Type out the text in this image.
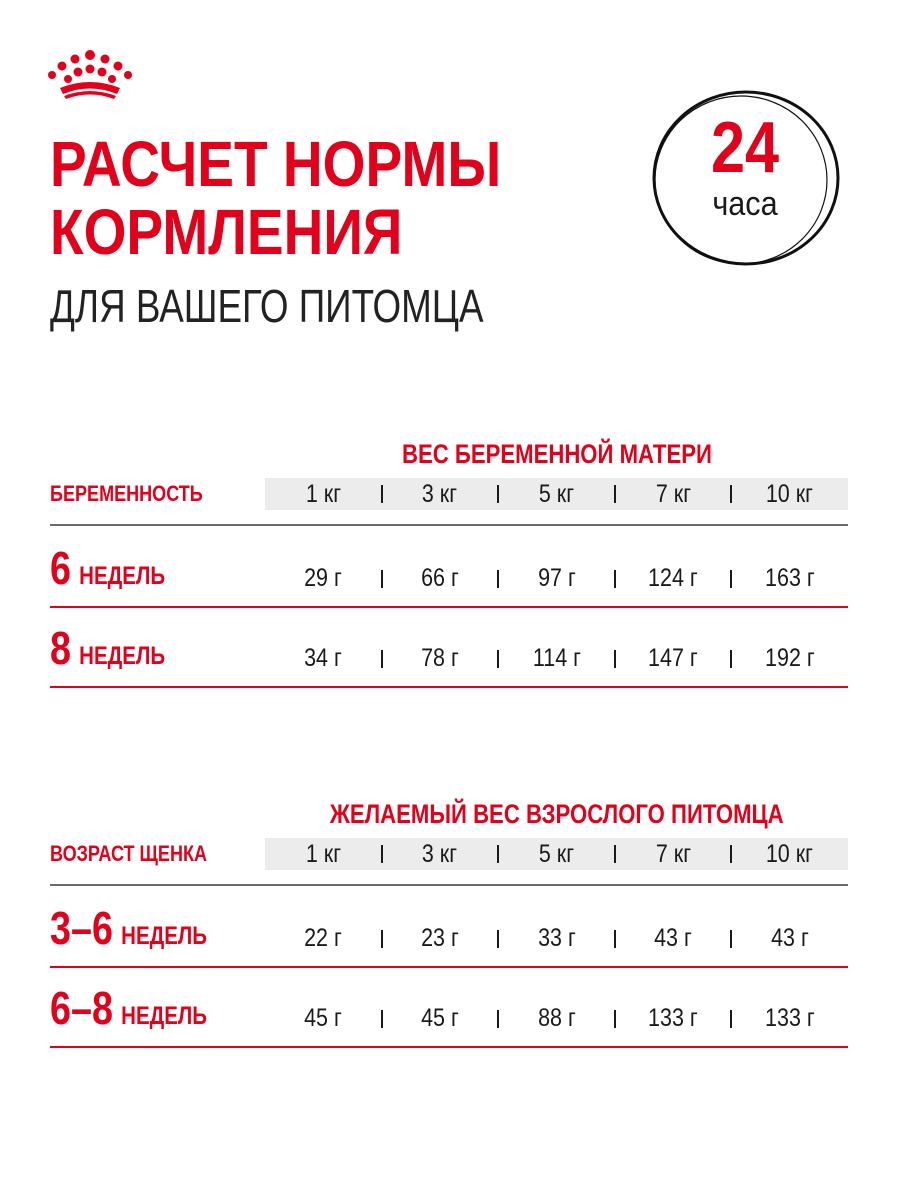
РАСЧЕТ НОРМЫ
КОРМЛЕНИЯ
ДЛЯ ВАШЕГО ПИТОМЦА
24
часа
ВЕС БЕРЕМЕННОЙ МАТЕРИ
БЕРЕМЕННОСТЬ	1 кг	3 кг	5 кг	7 кг	10 кг
6 НЕДЕЛЬ	29 г	66 г	97 г	124 г	163 г
8 НЕДЕЛЬ	34 г	78 г	114 г	147 г	192 г
ЖЕЛАЕМЫЙ ВЕС ВЗРОСЛОГО ПИТОМЦА
ВОЗРАСТ ЩЕНКА	1 кг	3 кг	5 кг	7 кг	10 кг
3–6 НЕДЕЛЬ	22 г	23 г	33 г	43 г	43 г
6–8 НЕДЕЛЬ	45 г	45 г	88 г	133 г	133 г
